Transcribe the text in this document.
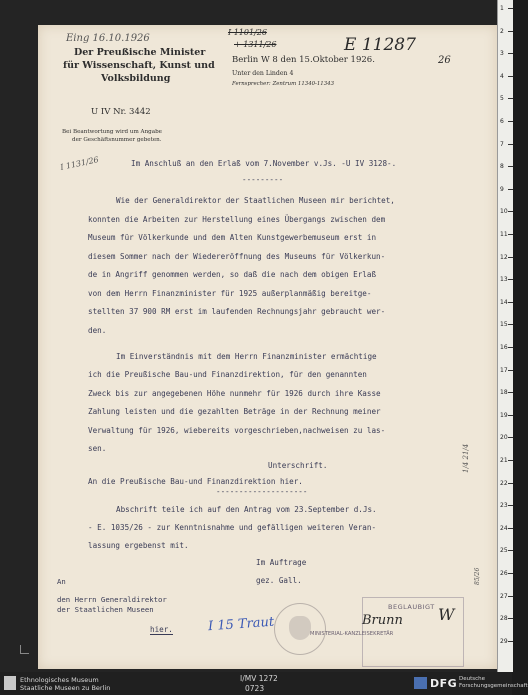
1
2
3
4
5
6
7
8
9
10
11
12
13
14
15
16
17
18
19
20
21
22
23
24
25
26
27
28
29
Eing 16.10.1926
Der Preußische Minister
für Wissenschaft, Kunst und
Volksbildung
U IV Nr. 3442
Bei Beantwortung wird um Angabe
der Geschäftsnummer gebeten.
I 1131/26
I 1101/26
+ 1311/26	E 11287
26
Berlin W 8 den 15.Oktober 1926.
Unter den Linden 4
Fernsprecher: Zentrum 11340-11343
Im Anschluß an den Erlaß vom 7.November v.Js. -U IV 3128-.
---------
Wie der Generaldirektor der Staatlichen Museen mir berichtet,
konnten die Arbeiten zur Herstellung eines Übergangs zwischen dem
Museum für Völkerkunde und dem Alten Kunstgewerbemuseum erst in
diesem Sommer nach der Wiedereröffnung des Museums für Völkerkun-
de in Angriff genommen werden, so daß die nach dem obigen Erlaß
von dem Herrn Finanzminister für 1925 außerplanmäßig bereitge-
stellten 37 900 RM erst im laufenden Rechnungsjahr gebraucht wer-
den.
Im Einverständnis mit dem Herrn Finanzminister ermächtige
ich die Preußische Bau-und Finanzdirektion, für den genannten
Zweck bis zur angegebenen Höhe nunmehr für 1926 durch ihre Kasse
Zahlung leisten und die gezahlten Beträge in der Rechnung meiner
Verwaltung für 1926, wiebereits vorgeschrieben,nachweisen zu las-
sen.
Unterschrift.
An die Preußische Bau-und Finanzdirektion hier.
--------------------
Abschrift teile ich auf den Antrag vom 23.September d.Js.
- E. 1035/26 - zur Kenntnisnahme und gefälligen weiteren Veran-
lassung ergebenst mit.
Im Auftrage
gez. Gall.
An
den Herrn Generaldirektor
der Staatlichen Museen
hier.	I 15 Traut
BEGLAUBIGT
Brunn W
MINISTERIAL-KANZLEISEKRETÄR
1/4 21/4
85/26
Ethnologisches Museum
Staatliche Museen zu Berlin
I/MV 1272
0723	DFG Deutsche
Forschungsgemeinschaft
